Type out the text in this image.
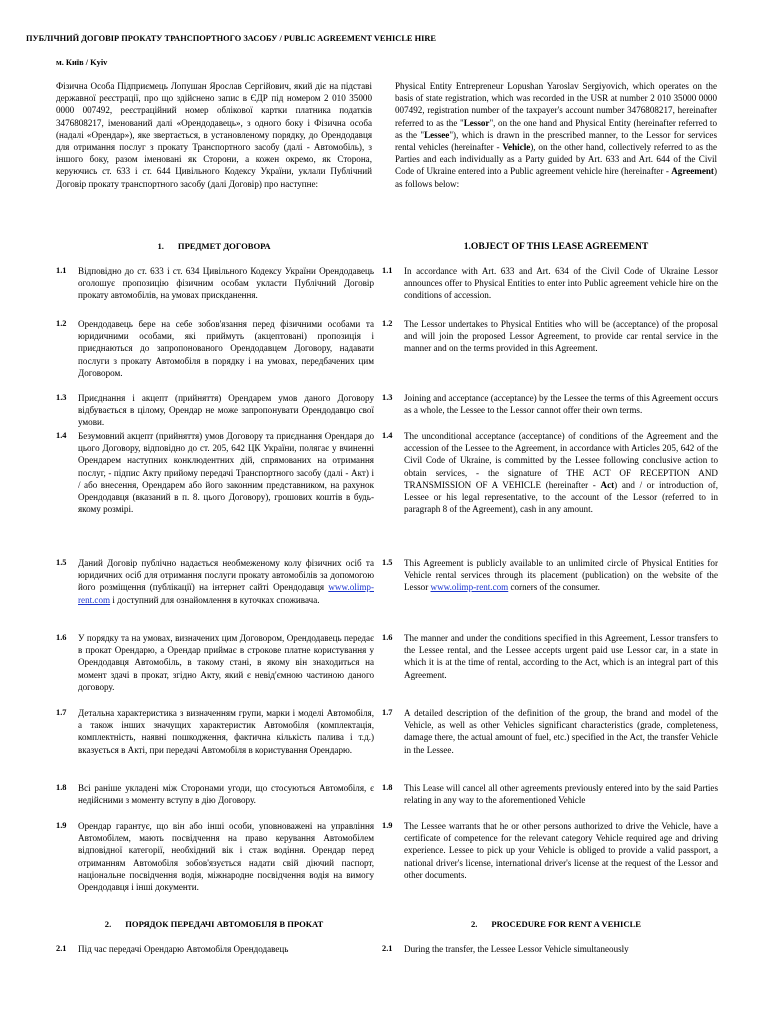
ПУБЛІЧНИЙ ДОГОВІР ПРОКАТУ ТРАНСПОРТНОГО ЗАСОБУ / PUBLIC AGREEMENT VEHICLE HIRE
м. Київ / Kyiv
Фізична Особа Підприємець Лопушан Ярослав Сергійович, який діє на підставі державної реєстрації, про що здійснено запис в ЄДР під номером 2 010 35000 0000 007492, реєстраційний номер облікової картки платника податків 3476808217, іменований далі «Орендодавець», з одного боку і Фізична особа (надалі «Орендар»), яке звертається, в установленому порядку, до Орендодавця для отримання послуг з прокату Транспортного засобу (далі - Автомобіль), з іншого боку, разом іменовані як Сторони, а кожен окремо, як Сторона, керуючись ст. 633 і ст. 644 Цивільного Кодексу України, уклали Публічний Договір прокату транспортного засобу (далі Договір) про наступне:
Physical Entity Entrepreneur Lopushan Yaroslav Sergiyovich, which operates on the basis of state registration, which was recorded in the USR at number 2 010 35000 0000 007492, registration number of the taxpayer's account number 3476808217, hereinafter referred to as the "Lessor", on the one hand and Physical Entity (hereinafter referred to as the "Lessee"), which is drawn in the prescribed manner, to the Lessor for services rental vehicles (hereinafter - Vehicle), on the other hand, collectively referred to as the Parties and each individually as a Party guided by Art. 633 and Art. 644 of the Civil Code of Ukraine entered into a Public agreement vehicle hire (hereinafter - Agreement) as follows below:
1. ПРЕДМЕТ ДОГОВОРА	1.OBJECT OF THIS LEASE AGREEMENT
1.1	Відповідно до ст. 633 і ст. 634 Цивільного Кодексу України Орендодавець оголошує пропозицію фізичним особам укласти Публічний Договір прокату автомобілів, на умовах прискданення.
1.1	In accordance with Art. 633 and Art. 634 of the Civil Code of Ukraine Lessor announces offer to Physical Entities to enter into Public agreement vehicle hire on the conditions of accession.
1.2	Орендодавець бере на себе зобов'язання перед фізичними особами та юридичними особами, які приймуть (акцептовані) пропозиція і приєднаються до запропонованого Орендодавцем Договору, надавати послуги з прокату Автомобіля в порядку і на умовах, передбачених цим Договором.
1.2	The Lessor undertakes to Physical Entities who will be (acceptance) of the proposal and will join the proposed Lessor Agreement, to provide car rental service in the manner and on the terms provided in this Agreement.
1.3	Приєднання і акцепт (прийняття) Орендарем умов даного Договору відбувається в цілому, Орендар не може запропонувати Орендодавцю свої умови.
1.3	Joining and acceptance (acceptance) by the Lessee the terms of this Agreement occurs as a whole, the Lessee to the Lessor cannot offer their own terms.
1.4	Безумовний акцепт (прийняття) умов Договору та приєднання Орендаря до цього Договору, відповідно до ст. 205, 642 ЦК України, полягає у вчиненні Орендарем наступних конклюдентних дій, спрямованих на отримання послуг, - підпис Акту прийому передачі Транспортного засобу (далі - Акт) і / або внесення, Орендарем або його законним представником, на рахунок Орендодавця (вказаний в п. 8. цього Договору), грошових коштів в будь-якому розмірі.
1.4	The unconditional acceptance (acceptance) of conditions of the Agreement and the accession of the Lessee to the Agreement, in accordance with Articles 205, 642 of the Civil Code of Ukraine, is committed by the Lessee following conclusive action to obtain services, - the signature of THE ACT OF RECEPTION AND TRANSMISSION OF A VEHICLE (hereinafter - Act) and / or introduction of, Lessee or his legal representative, to the account of the Lessor (referred to in paragraph 8 of the Agreement), cash in any amount.
1.5	Даний Договір публічно надається необмеженому колу фізичних осіб та юридичних осіб для отримання послуги прокату автомобілів за допомогою його розміщення (публікації) на інтернет сайті Орендодавця www.olimp-rent.com і доступний для ознайомлення в куточках споживача.
1.5	This Agreement is publicly available to an unlimited circle of Physical Entities for Vehicle rental services through its placement (publication) on the website of the Lessor www.olimp-rent.com corners of the consumer.
1.6	У порядку та на умовах, визначених цим Договором, Орендодавець передає в прокат Орендарю, а Орендар приймає в строкове платне користування у Орендодавця Автомобіль, в такому стані, в якому він знаходиться на момент здачі в прокат, згідно Акту, який є невід'ємною частиною даного договору.
1.6	The manner and under the conditions specified in this Agreement, Lessor transfers to the Lessee rental, and the Lessee accepts urgent paid use Lessor car, in a state in which it is at the time of rental, according to the Act, which is an integral part of this Agreement.
1.7	Детальна характеристика з визначенням групи, марки і моделі Автомобіля, а також інших значущих характеристик Автомобіля (комплектація, комплектність, наявні пошкодження, фактична кількість палива і т.д.) вказується в Акті, при передачі Автомобіля в користування Орендарю.
1.7	A detailed description of the definition of the group, the brand and model of the Vehicle, as well as other Vehicles significant characteristics (grade, completeness, damage there, the actual amount of fuel, etc.) specified in the Act, the transfer Vehicle in the Lessee.
1.8	Всі раніше укладені між Сторонами угоди, що стосуються Автомобіля, є недійсними з моменту вступу в дію Договору.
1.8	This Lease will cancel all other agreements previously entered into by the said Parties relating in any way to the aforementioned Vehicle
1.9	Орендар гарантує, що він або інші особи, уповноважені на управління Автомобілем, мають посвідчення на право керування Автомобілем відповідної категорії, необхідний вік і стаж водіння. Орендар перед отриманням Автомобіля зобов'язується надати свій діючий паспорт, національне посвідчення водія, міжнародне посвідчення водія на вимогу Орендодавця і інші документи.
1.9	The Lessee warrants that he or other persons authorized to drive the Vehicle, have a certificate of competence for the relevant category Vehicle required age and driving experience. Lessee to pick up your Vehicle is obliged to provide a valid passport, a national driver's license, international driver's license at the request of the Lessor and other documents.
2. ПОРЯДОК ПЕРЕДАЧІ АВТОМОБІЛЯ В ПРОКАТ	2. PROCEDURE FOR RENT A VEHICLE
2.1	Під час передачі Орендарю Автомобіля Орендодавець	2.1	During the transfer, the Lessee Lessor Vehicle simultaneously
